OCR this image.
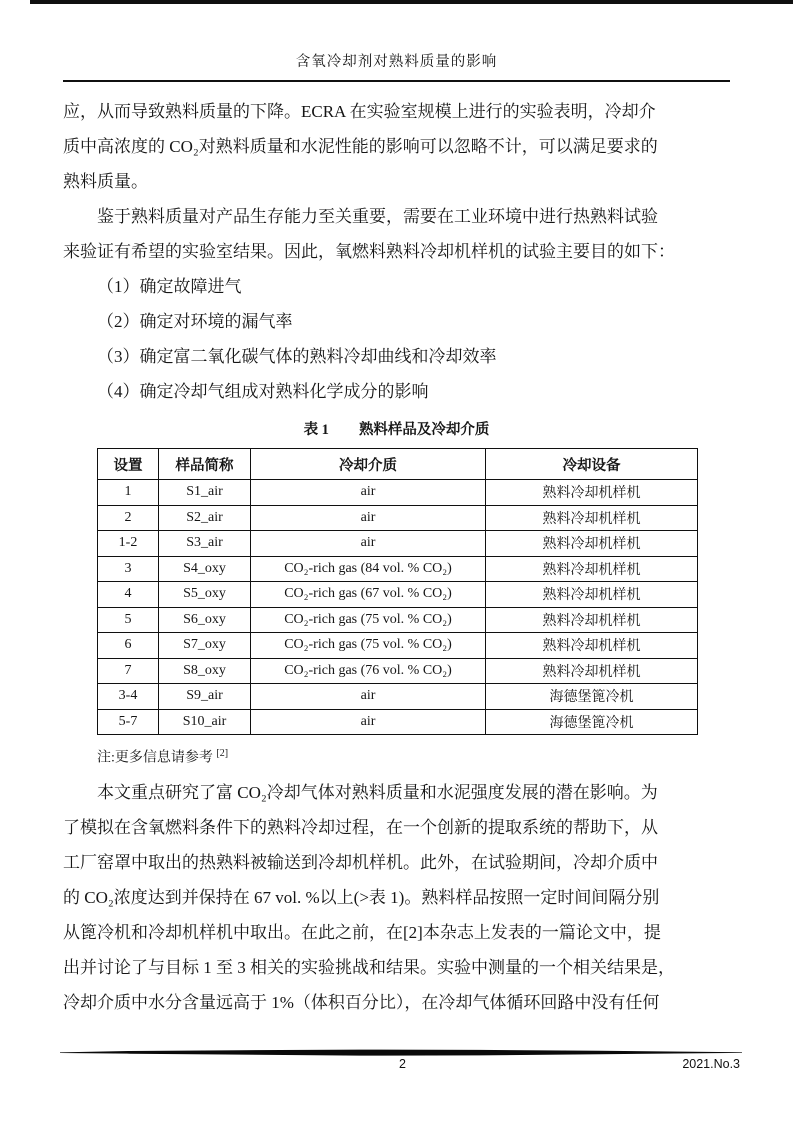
含氧冷却剂对熟料质量的影响
应，从而导致熟料质量的下降。ECRA 在实验室规模上进行的实验表明，冷却介
质中高浓度的 CO₂对熟料质量和水泥性能的影响可以忽略不计，可以满足要求的
熟料质量。
鉴于熟料质量对产品生存能力至关重要，需要在工业环境中进行热熟料试验
来验证有希望的实验室结果。因此，氧燃料熟料冷却机样机的试验主要目的如下：
（1）确定故障进气
（2）确定对环境的漏气率
（3）确定富二氧化碳气体的熟料冷却曲线和冷却效率
（4）确定冷却气组成对熟料化学成分的影响
表 1 熟料样品及冷却介质
设置	样品简称	冷却介质	冷却设备
1	S1_air	air	熟料冷却机样机
2	S2_air	air	熟料冷却机样机
1-2	S3_air	air	熟料冷却机样机
3	S4_oxy	CO₂-rich gas (84 vol. % CO₂)	熟料冷却机样机
4	S5_oxy	CO₂-rich gas (67 vol. % CO₂)	熟料冷却机样机
5	S6_oxy	CO₂-rich gas (75 vol. % CO₂)	熟料冷却机样机
6	S7_oxy	CO₂-rich gas (75 vol. % CO₂)	熟料冷却机样机
7	S8_oxy	CO₂-rich gas (76 vol. % CO₂)	熟料冷却机样机
3-4	S9_air	air	海德堡篦冷机
5-7	S10_air	air	海德堡篦冷机
注:更多信息请参考 [2]
本文重点研究了富 CO₂冷却气体对熟料质量和水泥强度发展的潜在影响。为
了模拟在含氧燃料条件下的熟料冷却过程，在一个创新的提取系统的帮助下，从
工厂窑罩中取出的热熟料被输送到冷却机样机。此外，在试验期间，冷却介质中
的 CO₂浓度达到并保持在 67 vol. %以上(>表 1)。熟料样品按照一定时间间隔分别
从篦冷机和冷却机样机中取出。在此之前，在[2]本杂志上发表的一篇论文中，提
出并讨论了与目标 1 至 3 相关的实验挑战和结果。实验中测量的一个相关结果是，
冷却介质中水分含量远高于 1%（体积百分比），在冷却气体循环回路中没有任何
2	2021.No.3
